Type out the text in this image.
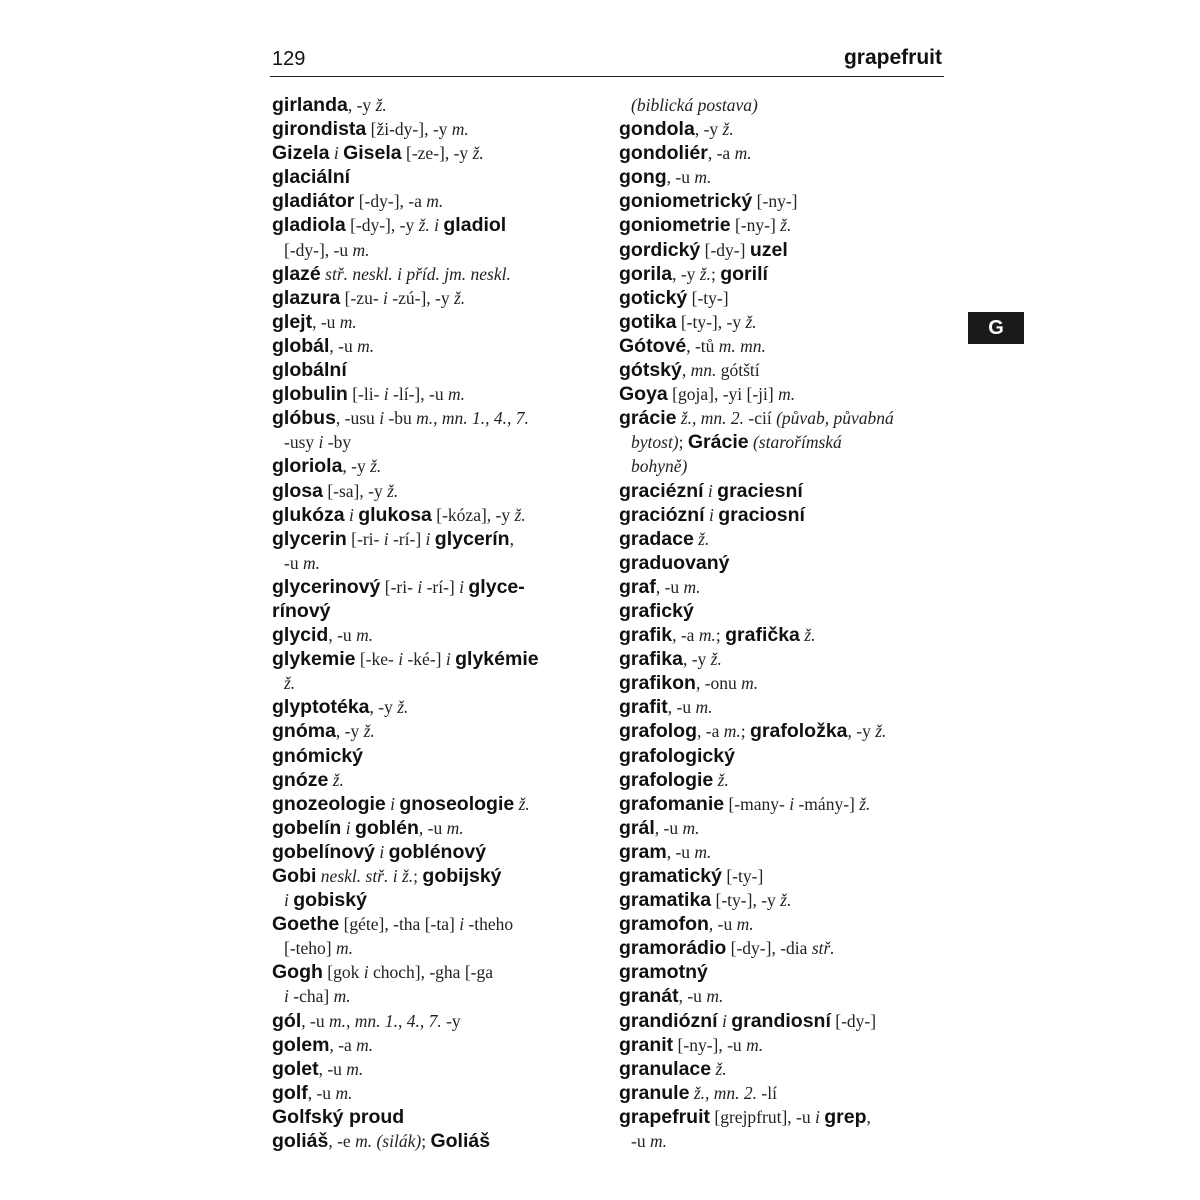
129	grapefruit
girlanda, -y ž.
girondista [ži-dy-], -y m.
Gizela i Gisela [-ze-], -y ž.
glaciální
gladiátor [-dy-], -a m.
gladiola [-dy-], -y ž. i gladiol
[-dy-], -u m.
glazé stř. neskl. i příd. jm. neskl.
glazura [-zu- i -zú-], -y ž.
glejt, -u m.
globál, -u m.
globální
globulin [-li- i -lí-], -u m.
glóbus, -usu i -bu m., mn. 1., 4., 7.
-usy i -by
gloriola, -y ž.
glosa [-sa], -y ž.
glukóza i glukosa [-kóza], -y ž.
glycerin [-ri- i -rí-] i glycerín,
-u m.
glycerinový [-ri- i -rí-] i glyce-
rínový
glycid, -u m.
glykemie [-ke- i -ké-] i glykémie
ž.
glyptotéka, -y ž.
gnóma, -y ž.
gnómický
gnóze ž.
gnozeologie i gnoseologie ž.
gobelín i goblén, -u m.
gobelínový i goblénový
Gobi neskl. stř. i ž.; gobijský
i gobiský
Goethe [géte], -tha [-ta] i -theho
[-teho] m.
Gogh [gok i choch], -gha [-ga
i -cha] m.
gól, -u m., mn. 1., 4., 7. -y
golem, -a m.
golet, -u m.
golf, -u m.
Golfský proud
goliáš, -e m. (silák); Goliáš
(biblická postava)
gondola, -y ž.
gondoliér, -a m.
gong, -u m.
goniometrický [-ny-]
goniometrie [-ny-] ž.
gordický [-dy-] uzel
gorila, -y ž.; gorilí
gotický [-ty-]
gotika [-ty-], -y ž.
Gótové, -tů m. mn.
gótský, mn. gótští
Goya [goja], -yi [-ji] m.
grácie ž., mn. 2. -cií (půvab, půvabná
bytost); Grácie (starořímská
bohyně)
graciézní i graciesní
graciózní i graciosní
gradace ž.
graduovaný
graf, -u m.
grafický
grafik, -a m.; grafička ž.
grafika, -y ž.
grafikon, -onu m.
grafit, -u m.
grafolog, -a m.; grafoložka, -y ž.
grafologický
grafologie ž.
grafomanie [-many- i -mány-] ž.
grál, -u m.
gram, -u m.
gramatický [-ty-]
gramatika [-ty-], -y ž.
gramofon, -u m.
gramorádio [-dy-], -dia stř.
gramotný
granát, -u m.
grandiózní i grandiosní [-dy-]
granit [-ny-], -u m.
granulace ž.
granule ž., mn. 2. -lí
grapefruit [grejpfrut], -u i grep,
-u m.
G
